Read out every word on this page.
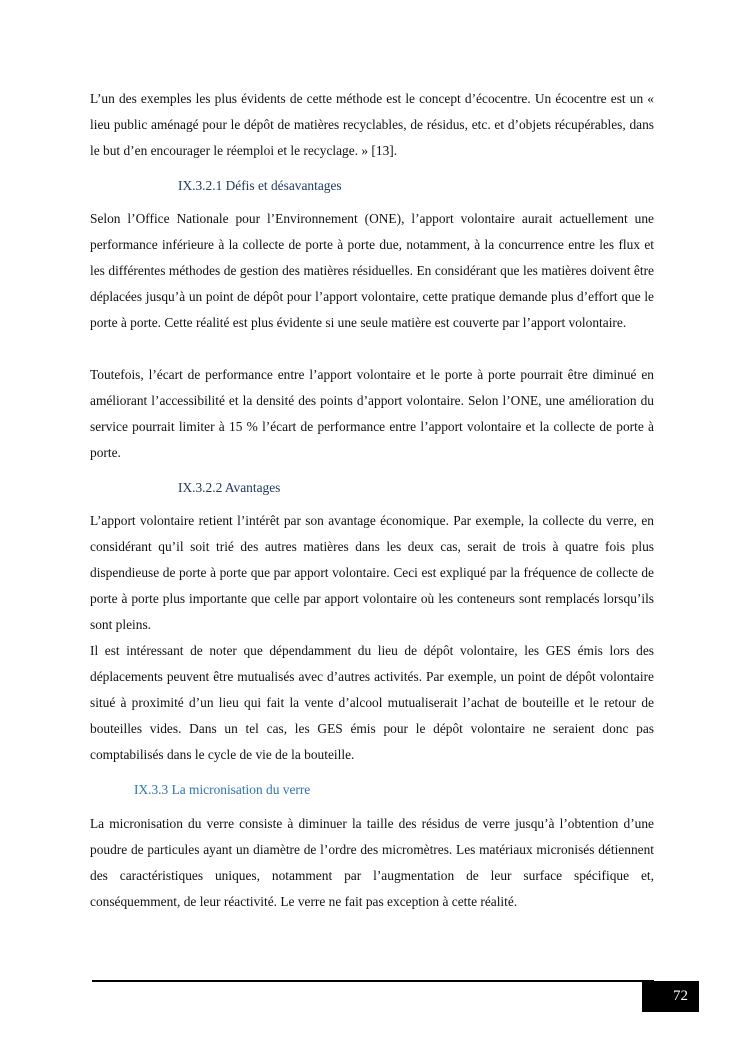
L’un des exemples les plus évidents de cette méthode est le concept d’écocentre. Un écocentre est un « lieu public aménagé pour le dépôt de matières recyclables, de résidus, etc. et d’objets récupérables, dans le but d’en encourager le réemploi et le recyclage. » [13].

IX.3.2.1 Défis et désavantages

Selon l’Office Nationale pour l’Environnement (ONE), l’apport volontaire aurait actuellement une performance inférieure à la collecte de porte à porte due, notamment, à la concurrence entre les flux et les différentes méthodes de gestion des matières résiduelles. En considérant que les matières doivent être déplacées jusqu’à un point de dépôt pour l’apport volontaire, cette pratique demande plus d’effort que le porte à porte. Cette réalité est plus évidente si une seule matière est couverte par l’apport volontaire.

Toutefois, l’écart de performance entre l’apport volontaire et le porte à porte pourrait être diminué en améliorant l’accessibilité et la densité des points d’apport volontaire. Selon l’ONE, une amélioration du service pourrait limiter à 15 % l’écart de performance entre l’apport volontaire et la collecte de porte à porte.

IX.3.2.2 Avantages

L’apport volontaire retient l’intérêt par son avantage économique. Par exemple, la collecte du verre, en considérant qu’il soit trié des autres matières dans les deux cas, serait de trois à quatre fois plus dispendieuse de porte à porte que par apport volontaire. Ceci est expliqué par la fréquence de collecte de porte à porte plus importante que celle par apport volontaire où les conteneurs sont remplacés lorsqu’ils sont pleins.

Il est intéressant de noter que dépendamment du lieu de dépôt volontaire, les GES émis lors des déplacements peuvent être mutualisés avec d’autres activités. Par exemple, un point de dépôt volontaire situé à proximité d’un lieu qui fait la vente d’alcool mutualiserait l’achat de bouteille et le retour de bouteilles vides. Dans un tel cas, les GES émis pour le dépôt volontaire ne seraient donc pas comptabilisés dans le cycle de vie de la bouteille.

IX.3.3 La micronisation du verre

La micronisation du verre consiste à diminuer la taille des résidus de verre jusqu’à l’obtention d’une poudre de particules ayant un diamètre de l’ordre des micromètres. Les matériaux micronisés détiennent des caractéristiques uniques, notamment par l’augmentation de leur surface spécifique et, conséquemment, de leur réactivité. Le verre ne fait pas exception à cette réalité.

72
